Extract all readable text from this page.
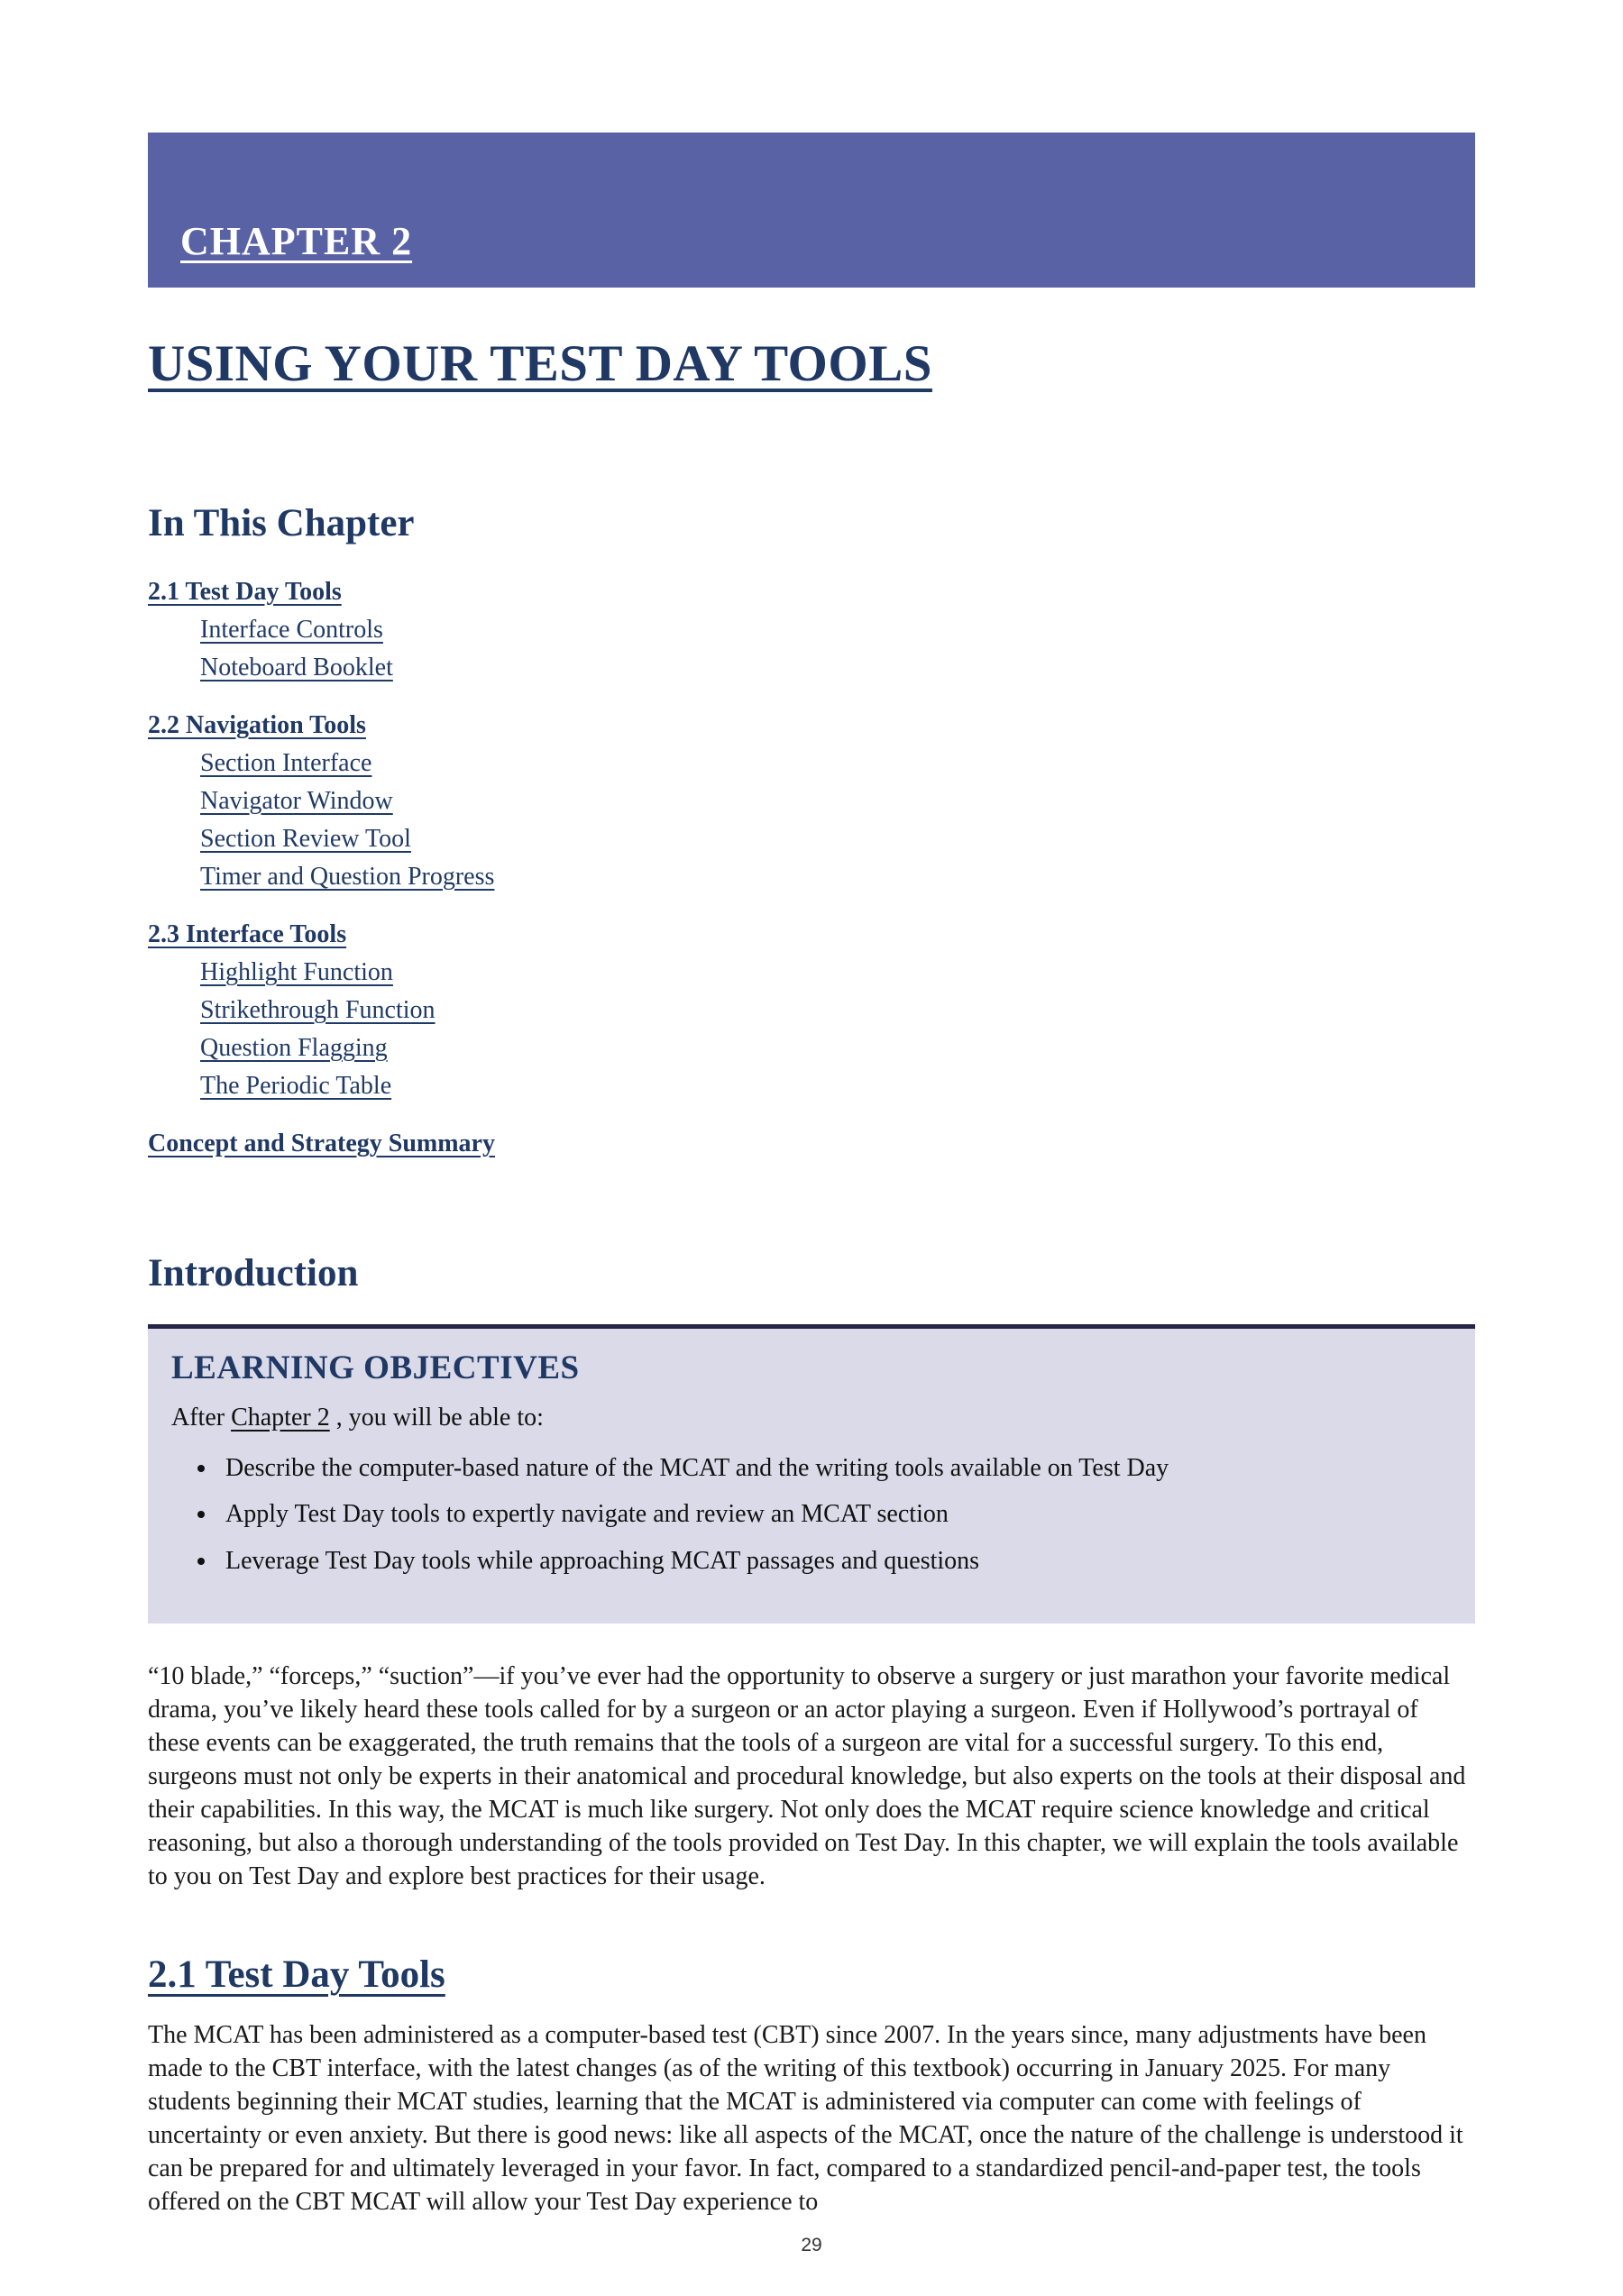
CHAPTER 2
USING YOUR TEST DAY TOOLS
In This Chapter
2.1 Test Day Tools
Interface Controls
Noteboard Booklet
2.2 Navigation Tools
Section Interface
Navigator Window
Section Review Tool
Timer and Question Progress
2.3 Interface Tools
Highlight Function
Strikethrough Function
Question Flagging
The Periodic Table
Concept and Strategy Summary
Introduction
LEARNING OBJECTIVES

After Chapter 2 , you will be able to:

• Describe the computer-based nature of the MCAT and the writing tools available on Test Day
• Apply Test Day tools to expertly navigate and review an MCAT section
• Leverage Test Day tools while approaching MCAT passages and questions

“10 blade,” “forceps,” “suction”—if you’ve ever had the opportunity to observe a surgery or just marathon your favorite medical drama, you’ve likely heard these tools called for by a surgeon or an actor playing a surgeon. Even if Hollywood’s portrayal of these events can be exaggerated, the truth remains that the tools of a surgeon are vital for a successful surgery. To this end, surgeons must not only be experts in their anatomical and procedural knowledge, but also experts on the tools at their disposal and their capabilities. In this way, the MCAT is much like surgery. Not only does the MCAT require science knowledge and critical reasoning, but also a thorough understanding of the tools provided on Test Day. In this chapter, we will explain the tools available to you on Test Day and explore best practices for their usage.

2.1 Test Day Tools

The MCAT has been administered as a computer-based test (CBT) since 2007. In the years since, many adjustments have been made to the CBT interface, with the latest changes (as of the writing of this textbook) occurring in January 2025. For many students beginning their MCAT studies, learning that the MCAT is administered via computer can come with feelings of uncertainty or even anxiety. But there is good news: like all aspects of the MCAT, once the nature of the challenge is understood it can be prepared for and ultimately leveraged in your favor. In fact, compared to a standardized pencil-and-paper test, the tools offered on the CBT MCAT will allow your Test Day experience to

29
